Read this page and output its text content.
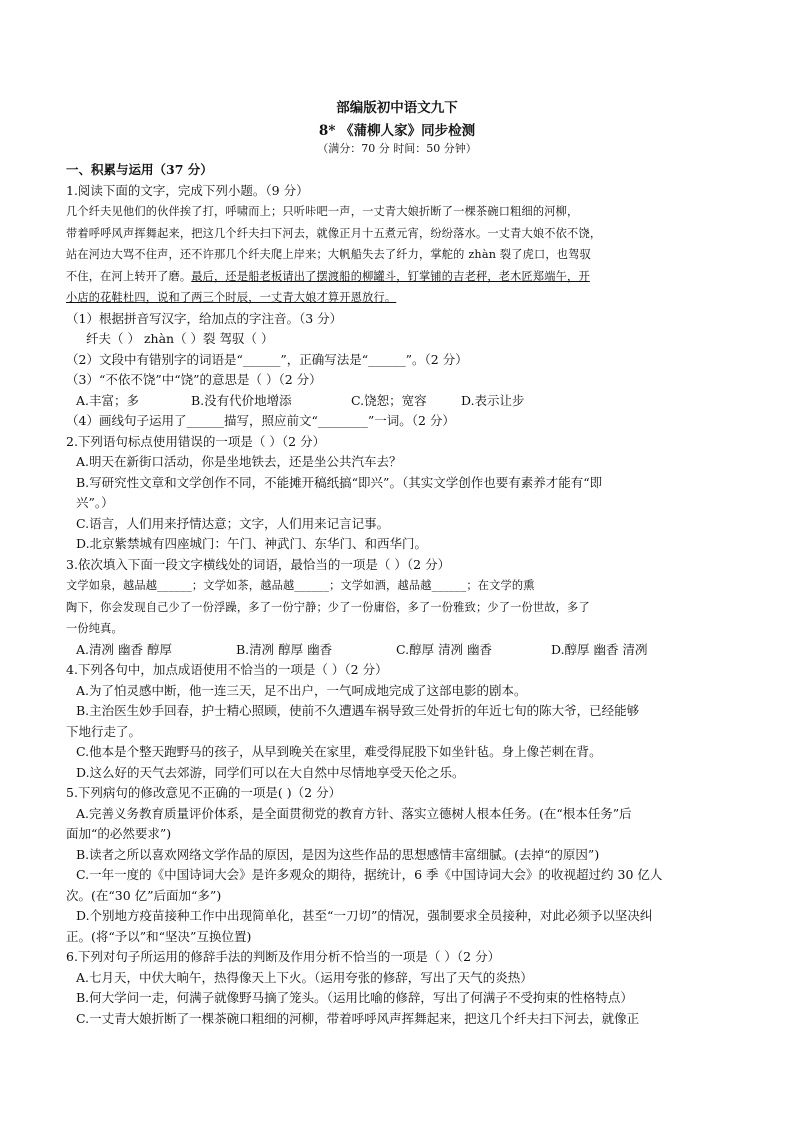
部编版初中语文九下
8* 《蒲柳人家》同步检测
（满分：70 分 时间：50 分钟）
一、积累与运用（37 分）
1.阅读下面的文字，完成下列小题。（9 分）
几个纤夫见他们的伙伴挨了打，呼啸而上；只听咔吧一声，一丈青大娘折断了一棵茶碗口粗细的河柳，
带着呼呼风声挥舞起来，把这几个纤夫扫下河去，就像正月十五煮元宵，纷纷落水。一丈青大娘不依不饶，
站在河边大骂不住声，还不许那几个纤夫爬上岸来；大帆船失去了纤力，掌舵的 zhàn 裂了虎口，也驾驭
不住，在河上转开了磨。最后，还是船老板请出了摆渡船的柳罐斗，钉掌铺的吉老秤，老木匠郑端午，开
小店的花鞋杜四，说和了两三个时辰，一丈青大娘才算开恩放行。
（1）根据拼音写汉字，给加点的字注音。（3 分）
纤夫（ ） zhàn（ ）裂 驾驭（ ）
（2）文段中有错别字的词语是“______”，正确写法是“______”。（2 分）
（3）“不依不饶”中“饶”的意思是（ ）（2 分）
A.丰富；多	B.没有代价地增添	C.饶恕；宽容	D.表示让步
（4）画线句子运用了______描写，照应前文“________”一词。（2 分）
2.下列语句标点使用错误的一项是（ ）（2 分）
A.明天在新街口活动，你是坐地铁去，还是坐公共汽车去？
B.写研究性文章和文学创作不同，不能摊开稿纸搞“即兴”。（其实文学创作也要有素养才能有“即
兴”。）
C.语言，人们用来抒情达意；文字，人们用来记言记事。
D.北京紫禁城有四座城门：午门、神武门、东华门、和西华门。
3.依次填入下面一段文字横线处的词语，最恰当的一项是（ ）（2 分）
文学如泉，越品越______；文学如茶，越品越______；文学如酒，越品越______；在文学的熏
陶下，你会发现自己少了一份浮躁，多了一份宁静；少了一份庸俗，多了一份雅致；少了一份世故，多了
一份纯真。
A.清冽 幽香 醇厚	B.清冽 醇厚 幽香	C.醇厚 清冽 幽香	D.醇厚 幽香 清冽
4.下列各句中，加点成语使用不恰当的一项是（ ）（2 分）
A.为了怕灵感中断，他一连三天，足不出户，一气呵成地完成了这部电影的剧本。
B.主治医生妙手回春，护士精心照顾，使前不久遭遇车祸导致三处骨折的年近七旬的陈大爷，已经能够
下地行走了。
C.他本是个整天跑野马的孩子，从早到晚关在家里，难受得屁股下如坐针毡。身上像芒刺在背。
D.这么好的天气去郊游，同学们可以在大自然中尽情地享受天伦之乐。
5.下列病句的修改意见不正确的一项是( )（2 分）
A.完善义务教育质量评价体系，是全面贯彻党的教育方针、落实立德树人根本任务。(在“根本任务”后
面加“的必然要求”)
B.读者之所以喜欢网络文学作品的原因，是因为这些作品的思想感情丰富细腻。(去掉“的原因”)
C.一年一度的《中国诗词大会》是许多观众的期待，据统计，6 季《中国诗词大会》的收视超过约 30 亿人
次。(在“30 亿”后面加“多”)
D.个别地方疫苗接种工作中出现简单化，甚至“一刀切”的情况，强制要求全员接种，对此必须予以坚决纠
正。(将“予以”和“坚决”互换位置)
6.下列对句子所运用的修辞手法的判断及作用分析不恰当的一项是（ ）（2 分）
A.七月天，中伏大晌午，热得像天上下火。（运用夸张的修辞，写出了天气的炎热）
B.何大学问一走，何满子就像野马摘了笼头。（运用比喻的修辞，写出了何满子不受拘束的性格特点）
C.一丈青大娘折断了一棵茶碗口粗细的河柳，带着呼呼风声挥舞起来，把这几个纤夫扫下河去，就像正
